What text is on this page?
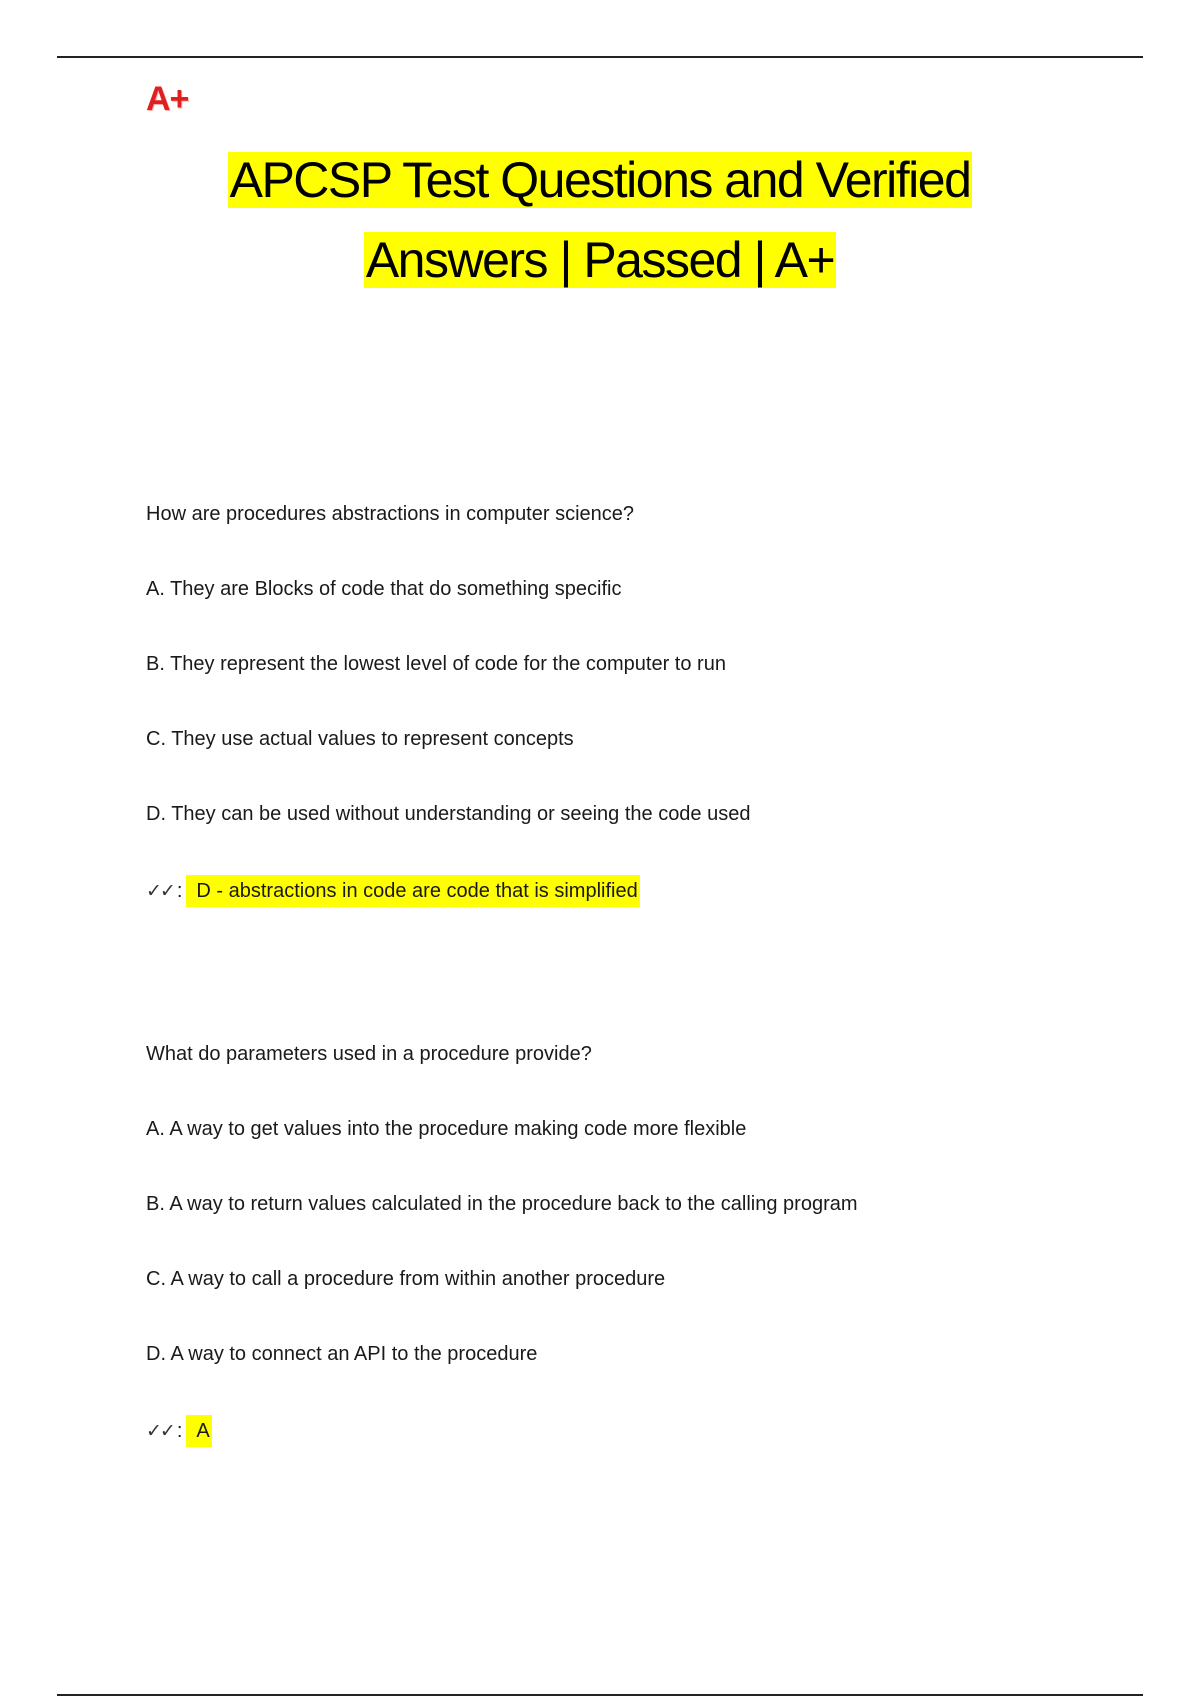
A+
APCSP Test Questions and Verified
Answers | Passed | A+

How are procedures abstractions in computer science?

A. They are Blocks of code that do something specific

B. They represent the lowest level of code for the computer to run

C. They use actual values to represent concepts

D. They can be used without understanding or seeing the code used

✓✓ : D - abstractions in code are code that is simplified

What do parameters used in a procedure provide?

A. A way to get values into the procedure making code more flexible

B. A way to return values calculated in the procedure back to the calling program

C. A way to call a procedure from within another procedure

D. A way to connect an API to the procedure

✓✓ : A
